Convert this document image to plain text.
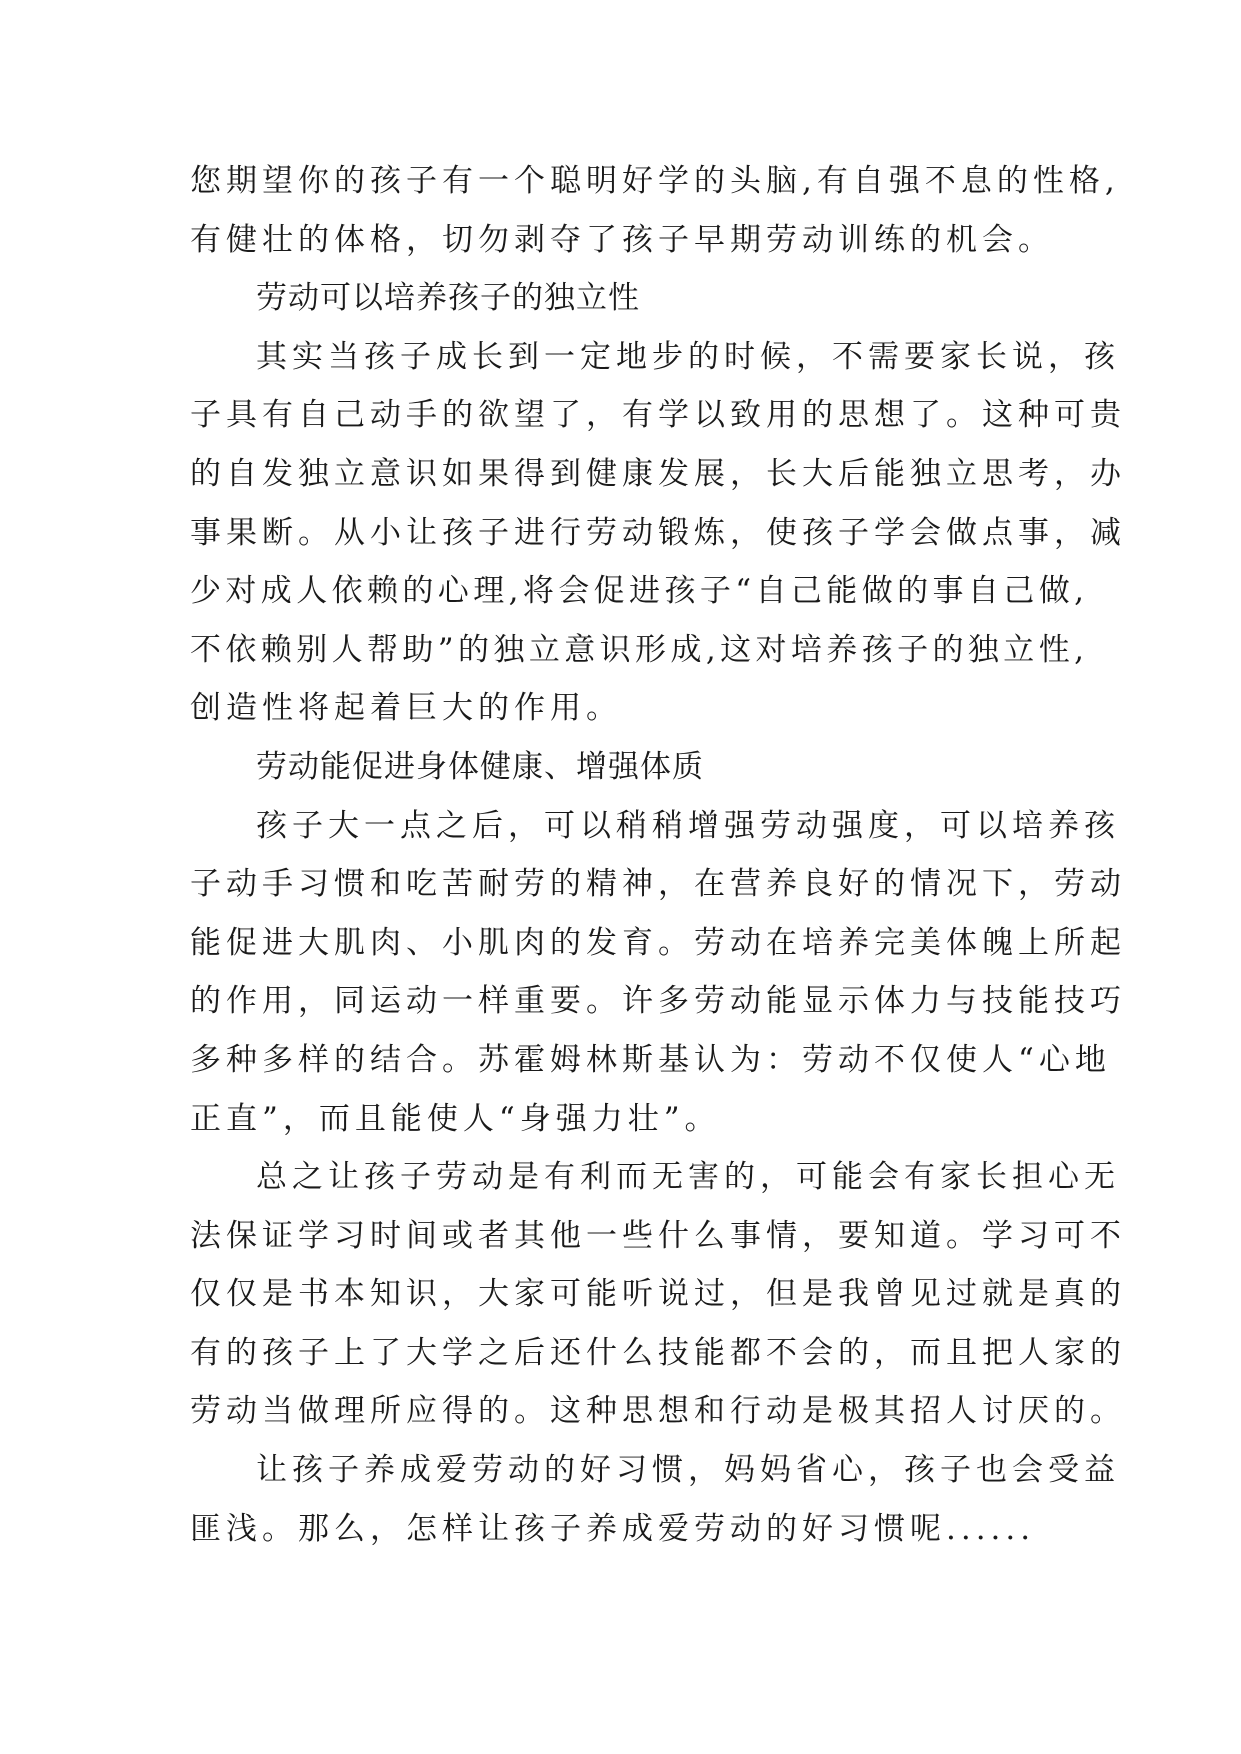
您期望你的孩子有一个聪明好学的头脑,有自强不息的性格,
有健壮的体格，切勿剥夺了孩子早期劳动训练的机会。
劳动可以培养孩子的独立性
其实当孩子成长到一定地步的时候，不需要家长说，孩
子具有自己动手的欲望了，有学以致用的思想了。这种可贵
的自发独立意识如果得到健康发展，长大后能独立思考，办
事果断。从小让孩子进行劳动锻炼，使孩子学会做点事，减
少对成人依赖的心理,将会促进孩子“自己能做的事自己做,
不依赖别人帮助”的独立意识形成,这对培养孩子的独立性,
创造性将起着巨大的作用。
劳动能促进身体健康、增强体质
孩子大一点之后，可以稍稍增强劳动强度，可以培养孩
子动手习惯和吃苦耐劳的精神，在营养良好的情况下，劳动
能促进大肌肉、小肌肉的发育。劳动在培养完美体魄上所起
的作用，同运动一样重要。许多劳动能显示体力与技能技巧
多种多样的结合。苏霍姆林斯基认为：劳动不仅使人“心地
正直”，而且能使人“身强力壮”。
总之让孩子劳动是有利而无害的，可能会有家长担心无
法保证学习时间或者其他一些什么事情，要知道。学习可不
仅仅是书本知识，大家可能听说过，但是我曾见过就是真的
有的孩子上了大学之后还什么技能都不会的，而且把人家的
劳动当做理所应得的。这种思想和行动是极其招人讨厌的。
让孩子养成爱劳动的好习惯，妈妈省心，孩子也会受益
匪浅。那么，怎样让孩子养成爱劳动的好习惯呢......
